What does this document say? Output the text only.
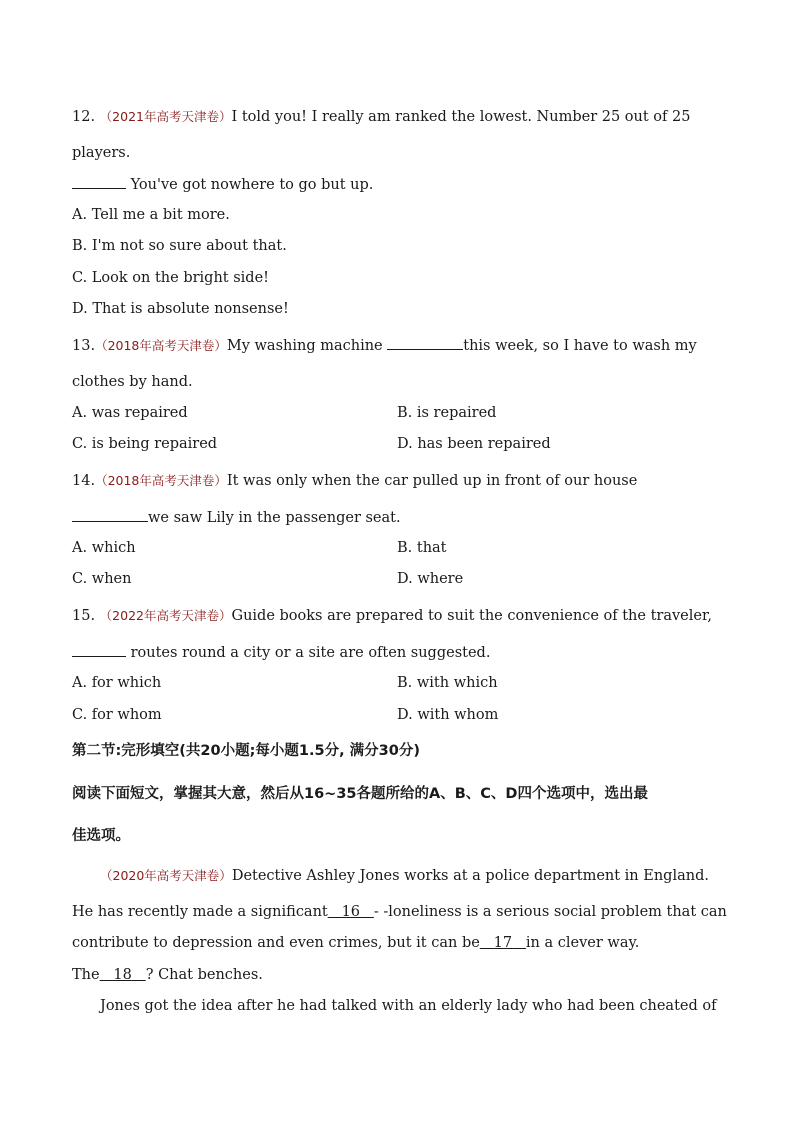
12. （2021年高考天津卷）I told you! I really am ranked the lowest. Number 25 out of 25
players.
You've got nowhere to go but up.
A. Tell me a bit more.
B. I'm not so sure about that.
C. Look on the bright side!
D. That is absolute nonsense!
13.（2018年高考天津卷）My washing machine	this week, so I have to wash my
clothes by hand.
A. was repaired	B. is repaired
C. is being repaired	D. has been repaired
14.（2018年高考天津卷）It was only when the car pulled up in front of our house
we saw Lily in the passenger seat.
A. which	B. that
C. when	D. where
15. （2022年高考天津卷）Guide books are prepared to suit the convenience of the traveler,
routes round a city or a site are often suggested.
A. for which	B. with which
C. for whom	D. with whom
第二节:完形填空(共20小题;每小题1.5分, 满分30分)
阅读下面短文，掌握其大意，然后从16~35各题所给的A、B、C、D四个选项中，选出最
佳选项。
（2020年高考天津卷）Detective Ashley Jones works at a police department in England.
He has recently made a significant 16 - -loneliness is a serious social problem that can
contribute to depression and even crimes, but it can be 17 in a clever way.
The 18 ? Chat benches.
Jones got the idea after he had talked with an elderly lady who had been cheated of
